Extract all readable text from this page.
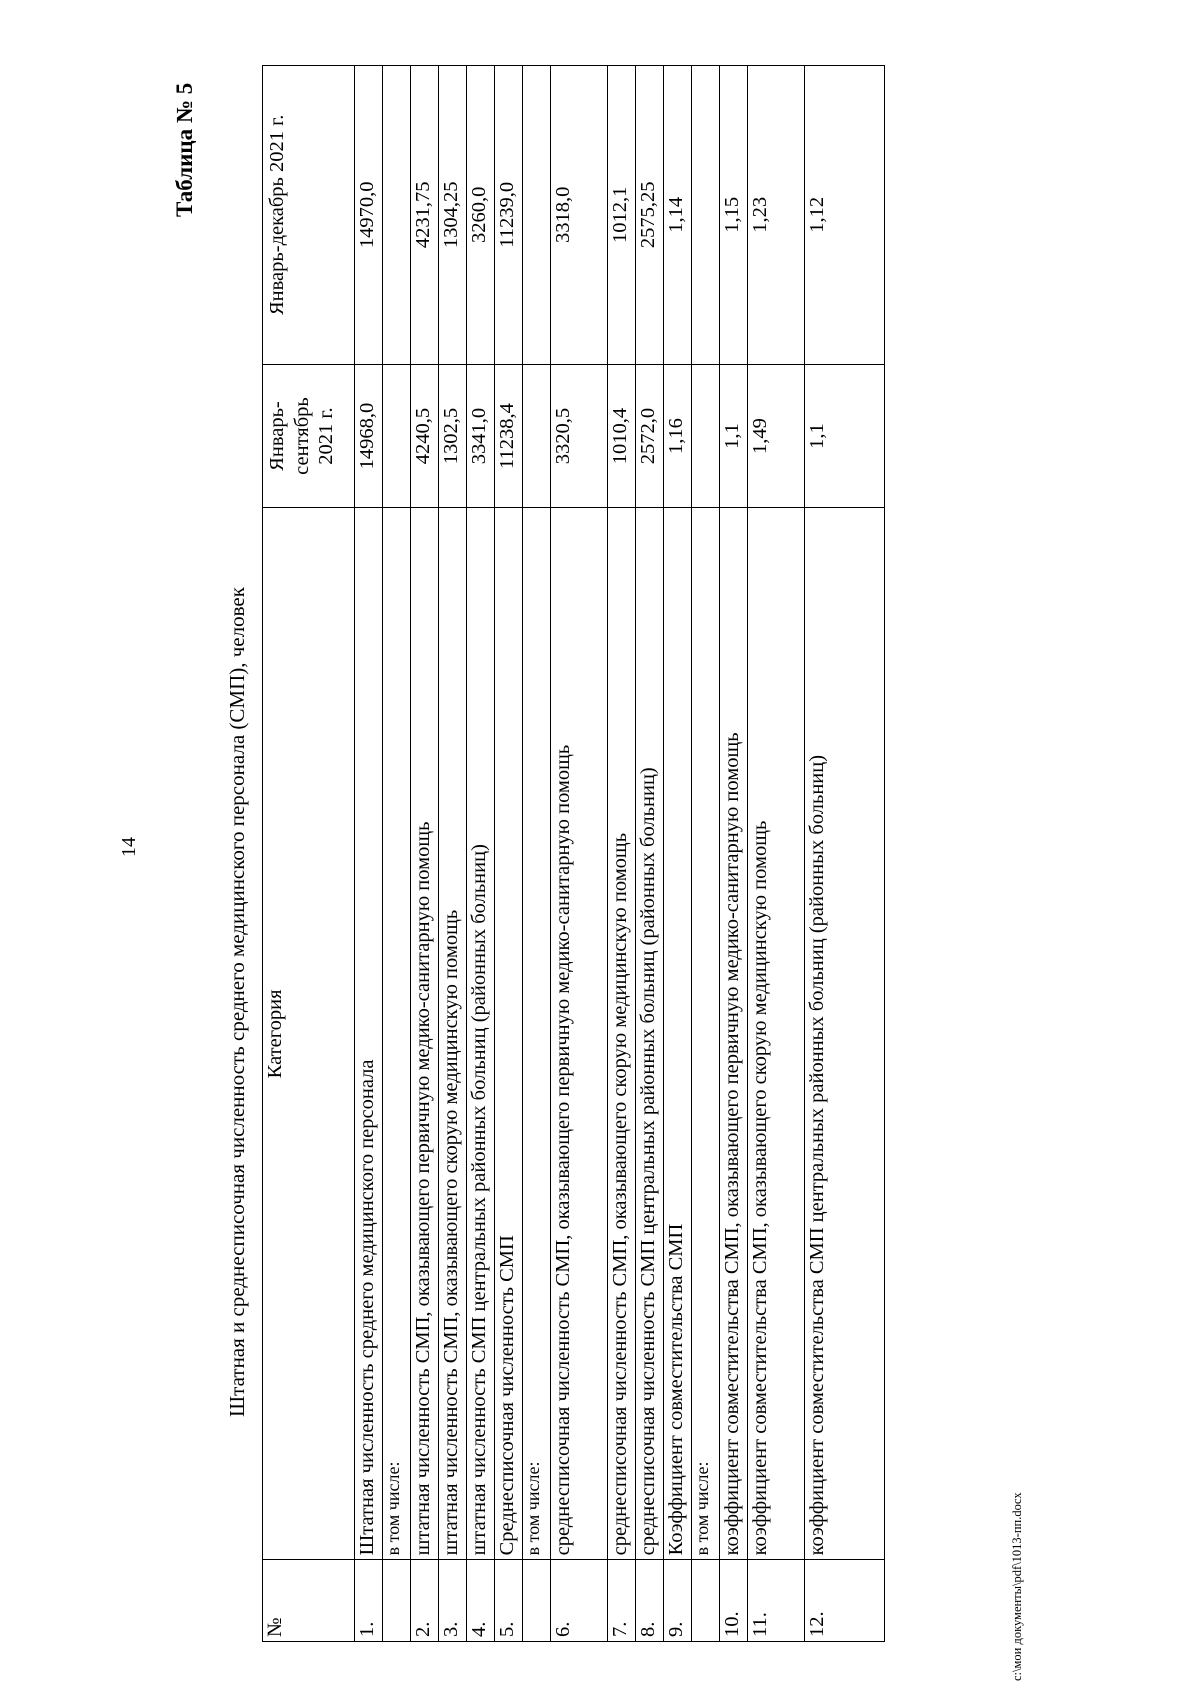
Таблица № 5
14	Штатная и среднесписочная численность среднего медицинского персонала (СМП), человек
№	Категория	Январь-сентябрь 2021 г.	Январь-декабрь 2021 г.

1.	Штатная численность среднего медицинского персонала	14968,0	14970,0
	в том числе:		
2.	штатная численность СМП, оказывающего первичную медико-санитарную помощь	4240,5	4231,75
3.	штатная численность СМП, оказывающего скорую медицинскую помощь	1302,5	1304,25
4.	штатная численность СМП центральных районных больниц (районных больниц)	3341,0	3260,0
5.	Среднесписочная численность СМП	11238,4	11239,0
	в том числе:		
6.	среднесписочная численность СМП, оказывающего первичную медико-санитарную помощь	3320,5	3318,0
7.	среднесписочная численность СМП, оказывающего скорую медицинскую помощь	1010,4	1012,1
8.	среднесписочная численность СМП центральных районных больниц (районных больниц)	2572,0	2575,25
9.	Коэффициент совместительства СМП	1,16	1,14
	в том числе:		
10.	коэффициент совместительства СМП, оказывающего первичную медико-санитарную помощь	1,1	1,15
11.	коэффициент совместительства СМП, оказывающего скорую медицинскую помощь	1,49	1,23
12.	коэффициент совместительства СМП центральных районных больниц (районных больниц)	1,1	1,12
c:\мои документы\pdf\1013-пп.docx
